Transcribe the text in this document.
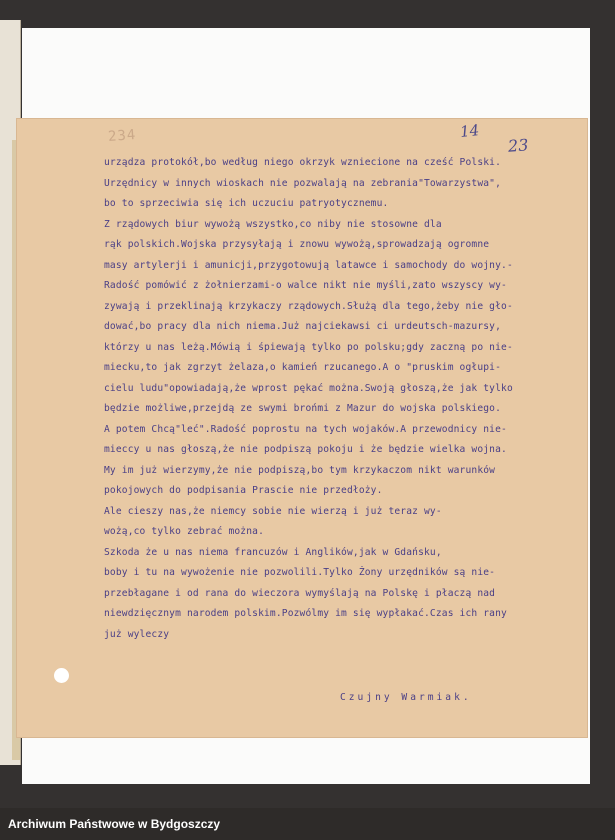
234	14
23
urządza protokół,bo według niego okrzyk wzniecione na cześć Polski.
Urzędnicy w innych wioskach nie pozwalają na zebrania"Towarzystwa",
bo to sprzeciwia się ich uczuciu patryotycznemu.
Z rządowych biur wywożą wszystko,co niby nie stosowne dla
rąk polskich.Wojska przysyłają i znowu wywożą,sprowadzają ogromne
masy artylerji i amunicji,przygotowują latawce i samochody do wojny.-
Radość pomówić z żołnierzami-o walce nikt nie myśli,zato wszyscy wy-
zywają i przeklinają krzykaczy rządowych.Służą dla tego,żeby nie gło-
dować,bo pracy dla nich niema.Już najciekawsi ci urdeutsch-mazursy,
którzy u nas leżą.Mówią i śpiewają tylko po polsku;gdy zaczną po nie-
miecku,to jak zgrzyt żelaza,o kamień rzucanego.A o "pruskim ogłupi-
cielu ludu"opowiadają,że wprost pękać można.Swoją głoszą,że jak tylko
będzie możliwe,przejdą ze swymi brońmi z Mazur do wojska polskiego.
A potem Chcą"leć".Radość poprostu na tych wojaków.A przewodnicy nie-
mieccy u nas głoszą,że nie podpiszą pokoju i że będzie wielka wojna.
My im już wierzymy,że nie podpiszą,bo tym krzykaczom nikt warunków
pokojowych do podpisania Prascie nie przedłoży.
Ale cieszy nas,że niemcy sobie nie wierzą i już teraz wy-
wożą,co tylko zebrać można.
Szkoda że u nas niema francuzów i Anglików,jak w Gdańsku,
boby i tu na wywożenie nie pozwolili.Tylko Żony urzędników są nie-
przebłagane i od rana do wieczora wymyślają na Polskę i płaczą nad
niewdzięcznym narodem polskim.Pozwólmy im się wypłakać.Czas ich rany
już wyleczy
Czujny Warmiak.
Archiwum Państwowe w Bydgoszczy
